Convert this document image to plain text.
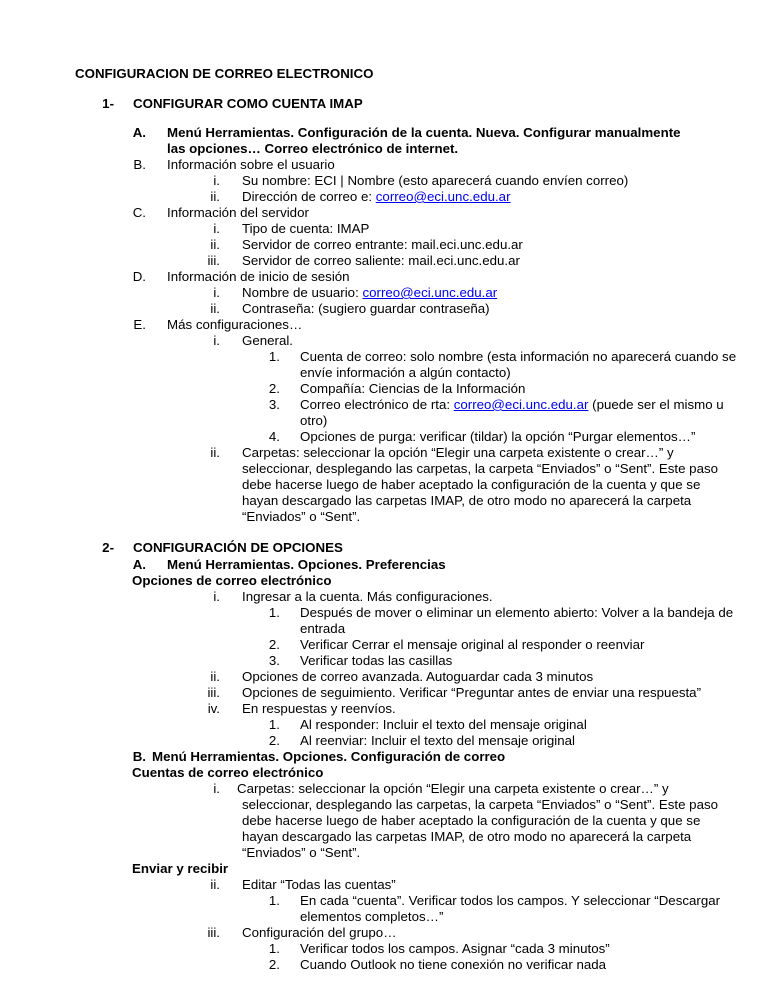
CONFIGURACION DE CORREO ELECTRONICO
1- CONFIGURAR COMO CUENTA IMAP
A. Menú Herramientas. Configuración de la cuenta. Nueva. Configurar manualmente
las opciones… Correo electrónico de internet.
B. Información sobre el usuario
i. Su nombre: ECI | Nombre (esto aparecerá cuando envíen correo)
ii. Dirección de correo e: correo@eci.unc.edu.ar
C. Información del servidor
i. Tipo de cuenta: IMAP
ii. Servidor de correo entrante: mail.eci.unc.edu.ar
iii. Servidor de correo saliente: mail.eci.unc.edu.ar
D. Información de inicio de sesión
i. Nombre de usuario: correo@eci.unc.edu.ar
ii. Contraseña: (sugiero guardar contraseña)
E. Más configuraciones…
i. General.
1. Cuenta de correo: solo nombre (esta información no aparecerá cuando se
envíe información a algún contacto)
2. Compañía: Ciencias de la Información
3. Correo electrónico de rta: correo@eci.unc.edu.ar (puede ser el mismo u
otro)
4. Opciones de purga: verificar (tildar) la opción “Purgar elementos…”
ii. Carpetas: seleccionar la opción “Elegir una carpeta existente o crear…” y
seleccionar, desplegando las carpetas, la carpeta “Enviados” o “Sent”. Este paso
debe hacerse luego de haber aceptado la configuración de la cuenta y que se
hayan descargado las carpetas IMAP, de otro modo no aparecerá la carpeta
“Enviados” o “Sent”.
2- CONFIGURACIÓN DE OPCIONES
A. Menú Herramientas. Opciones. Preferencias
Opciones de correo electrónico
i. Ingresar a la cuenta. Más configuraciones.
1. Después de mover o eliminar un elemento abierto: Volver a la bandeja de
entrada
2. Verificar Cerrar el mensaje original al responder o reenviar
3. Verificar todas las casillas
ii. Opciones de correo avanzada. Autoguardar cada 3 minutos
iii. Opciones de seguimiento. Verificar “Preguntar antes de enviar una respuesta”
iv. En respuestas y reenvíos.
1. Al responder: Incluir el texto del mensaje original
2. Al reenviar: Incluir el texto del mensaje original
B. Menú Herramientas. Opciones. Configuración de correo
Cuentas de correo electrónico
i. Carpetas: seleccionar la opción “Elegir una carpeta existente o crear…” y
seleccionar, desplegando las carpetas, la carpeta “Enviados” o “Sent”. Este paso
debe hacerse luego de haber aceptado la configuración de la cuenta y que se
hayan descargado las carpetas IMAP, de otro modo no aparecerá la carpeta
“Enviados” o “Sent”.
Enviar y recibir
ii. Editar “Todas las cuentas”
1. En cada “cuenta”. Verificar todos los campos. Y seleccionar “Descargar
elementos completos…”
iii. Configuración del grupo…
1. Verificar todos los campos. Asignar “cada 3 minutos”
2. Cuando Outlook no tiene conexión no verificar nada
